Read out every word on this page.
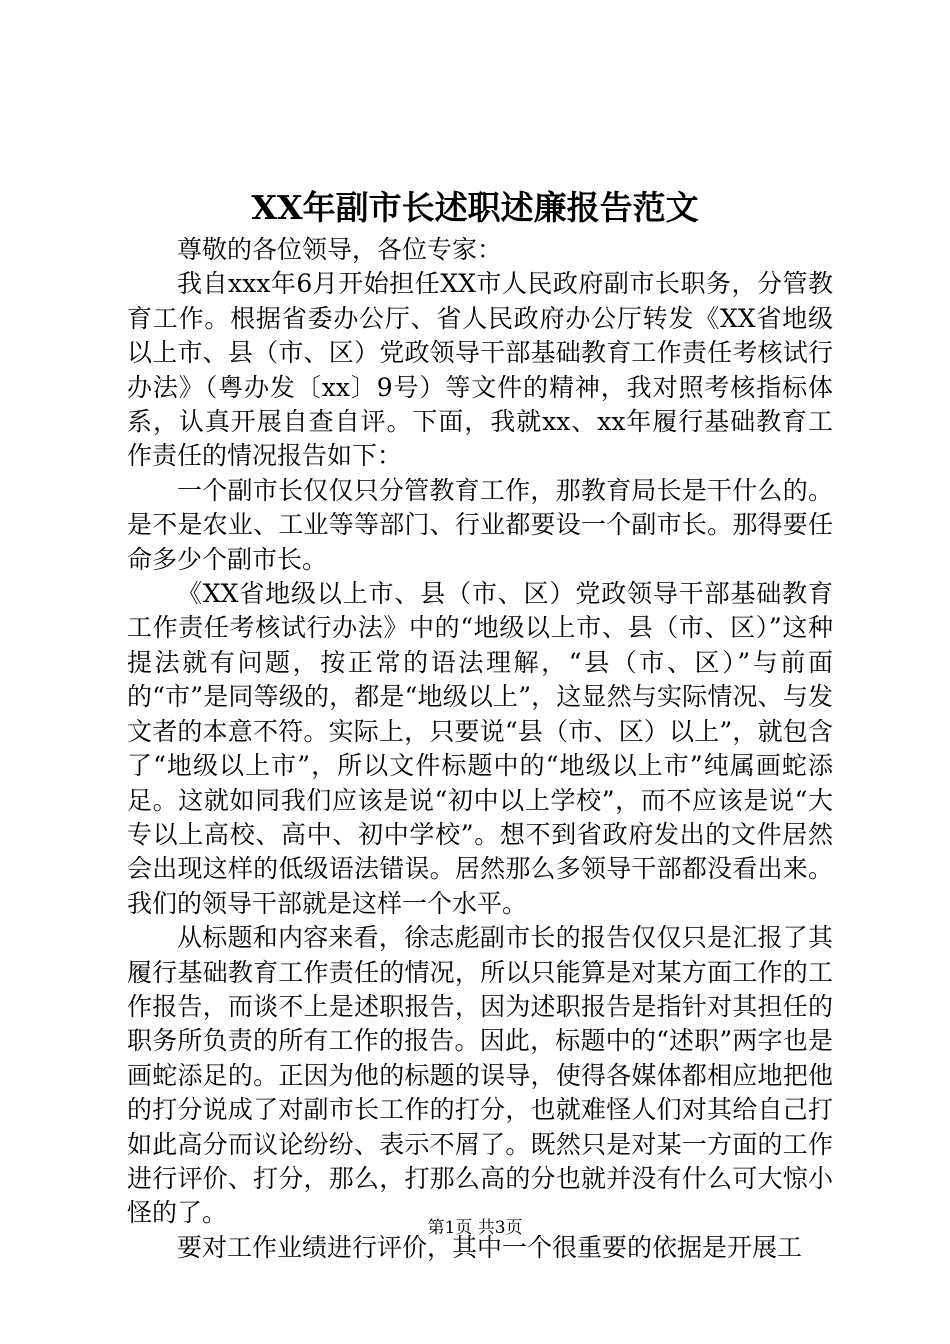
XX年副市长述职述廉报告范文

尊敬的各位领导，各位专家：

我自xxx年6月开始担任XX市人民政府副市长职务，分管教育工作。根据省委办公厅、省人民政府办公厅转发《XX省地级以上市、县（市、区）党政领导干部基础教育工作责任考核试行办法》（粤办发〔xx〕9号）等文件的精神，我对照考核指标体系，认真开展自查自评。下面，我就xx、xx年履行基础教育工作责任的情况报告如下：

一个副市长仅仅只分管教育工作，那教育局长是干什么的。是不是农业、工业等等部门、行业都要设一个副市长。那得要任命多少个副市长。

《XX省地级以上市、县（市、区）党政领导干部基础教育工作责任考核试行办法》中的“地级以上市、县（市、区）”这种提法就有问题，按正常的语法理解，“县（市、区）”与前面的“市”是同等级的，都是“地级以上”，这显然与实际情况、与发文者的本意不符。实际上，只要说“县（市、区）以上”，就包含了“地级以上市”，所以文件标题中的“地级以上市”纯属画蛇添足。这就如同我们应该是说“初中以上学校”，而不应该是说“大专以上高校、高中、初中学校”。想不到省政府发出的文件居然会出现这样的低级语法错误。居然那么多领导干部都没看出来。我们的领导干部就是这样一个水平。

从标题和内容来看，徐志彪副市长的报告仅仅只是汇报了其履行基础教育工作责任的情况，所以只能算是对某方面工作的工作报告，而谈不上是述职报告，因为述职报告是指针对其担任的职务所负责的所有工作的报告。因此，标题中的“述职”两字也是画蛇添足的。正因为他的标题的误导，使得各媒体都相应地把他的打分说成了对副市长工作的打分，也就难怪人们对其给自己打如此高分而议论纷纷、表示不屑了。既然只是对某一方面的工作进行评价、打分，那么，打那么高的分也就并没有什么可大惊小怪的了。

要对工作业绩进行评价，其中一个很重要的依据是开展工

第1页 共3页
